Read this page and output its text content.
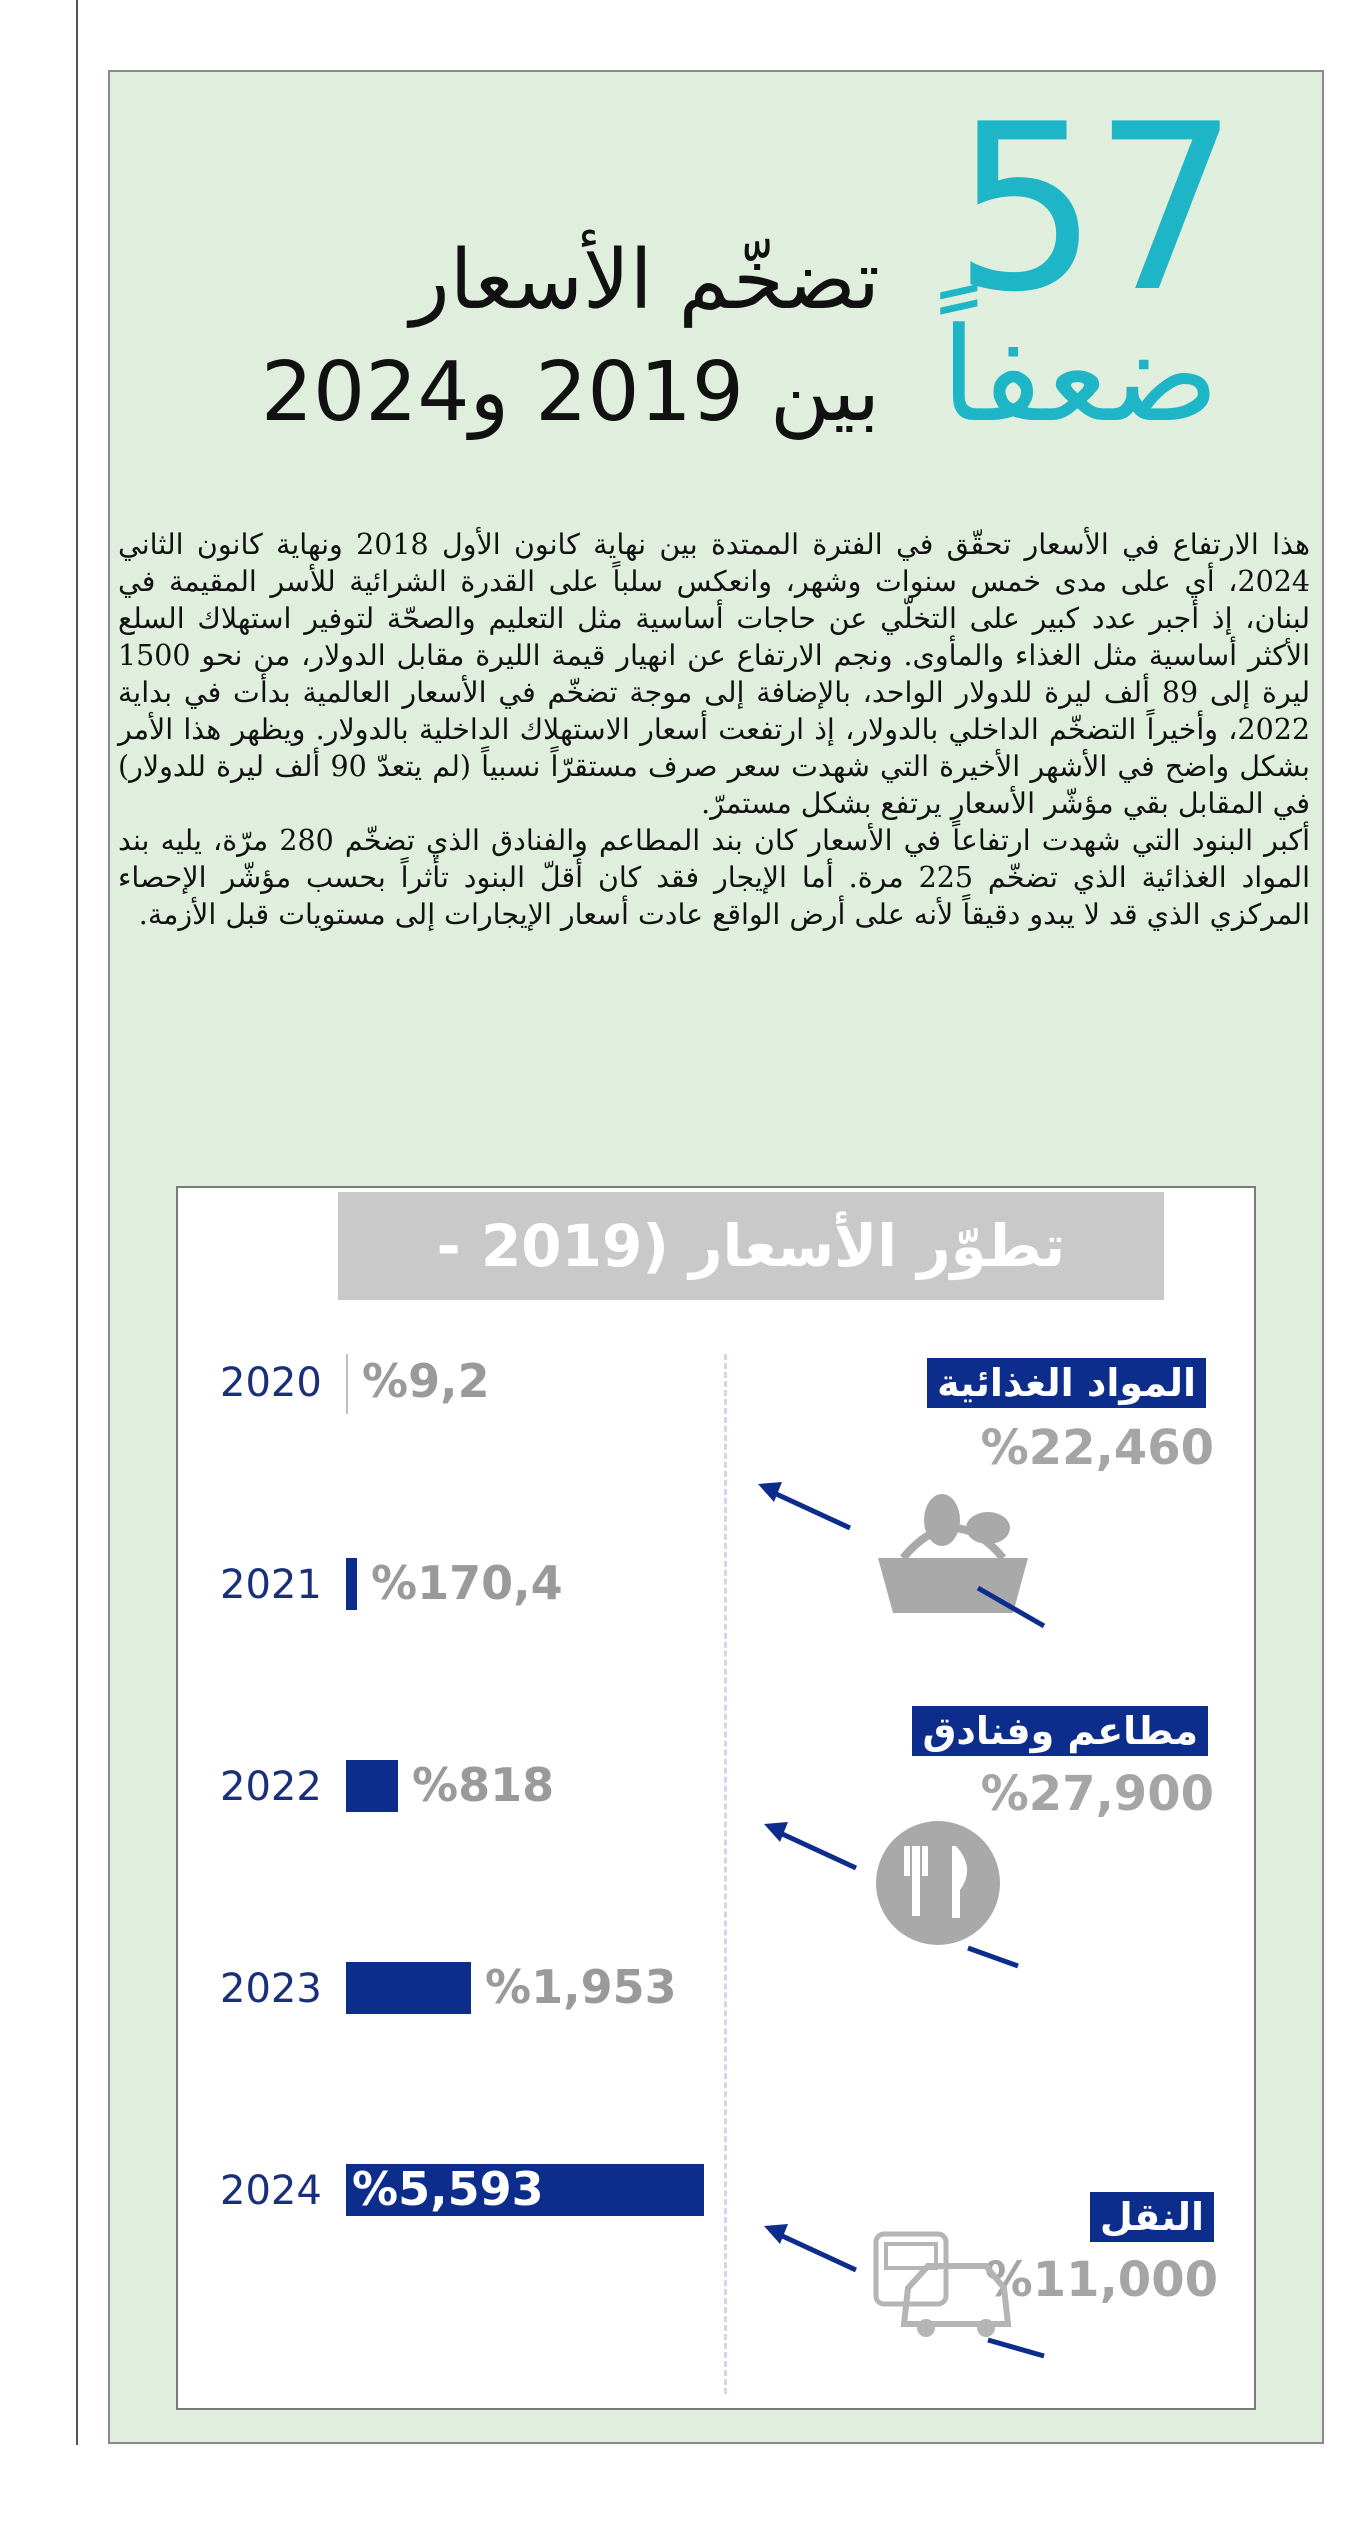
57
ضعفاً
تضخّم الأسعار
بين 2019 و2024

هذا الارتفاع في الأسعار تحقّق في الفترة الممتدة بين نهاية كانون الأول 2018 ونهاية كانون الثاني 2024، أي على مدى خمس سنوات وشهر، وانعكس سلباً على القدرة الشرائية للأسر المقيمة في لبنان، إذ أجبر عدد كبير على التخلّي عن حاجات أساسية مثل التعليم والصحّة لتوفير استهلاك السلع الأكثر أساسية مثل الغذاء والمأوى. ونجم الارتفاع عن انهيار قيمة الليرة مقابل الدولار، من نحو 1500 ليرة إلى 89 ألف ليرة للدولار الواحد، بالإضافة إلى موجة تضخّم في الأسعار العالمية بدأت في بداية 2022، وأخيراً التضخّم الداخلي بالدولار، إذ ارتفعت أسعار الاستهلاك الداخلية بالدولار. ويظهر هذا الأمر بشكل واضح في الأشهر الأخيرة التي شهدت سعر صرف مستقرّاً نسبياً (لم يتعدّ 90 ألف ليرة للدولار) في المقابل بقي مؤشّر الأسعار يرتفع بشكل مستمرّ.

أكبر البنود التي شهدت ارتفاعاً في الأسعار كان بند المطاعم والفنادق الذي تضخّم 280 مرّة، يليه بند المواد الغذائية الذي تضخّم 225 مرة. أما الإيجار فقد كان أقلّ البنود تأثراً بحسب مؤشّر الإحصاء المركزي الذي قد لا يبدو دقيقاً لأنه على أرض الواقع عادت أسعار الإيجارات إلى مستويات قبل الأزمة.

تطوّر الأسعار (2019 - 2024)
2020 %9,2
2021 %170,4
2022 %818
2023	%1,953
2024 %5,593
المواد الغذائية
%22,460
مطاعم وفنادق
%27,900
النقل
%11,000
